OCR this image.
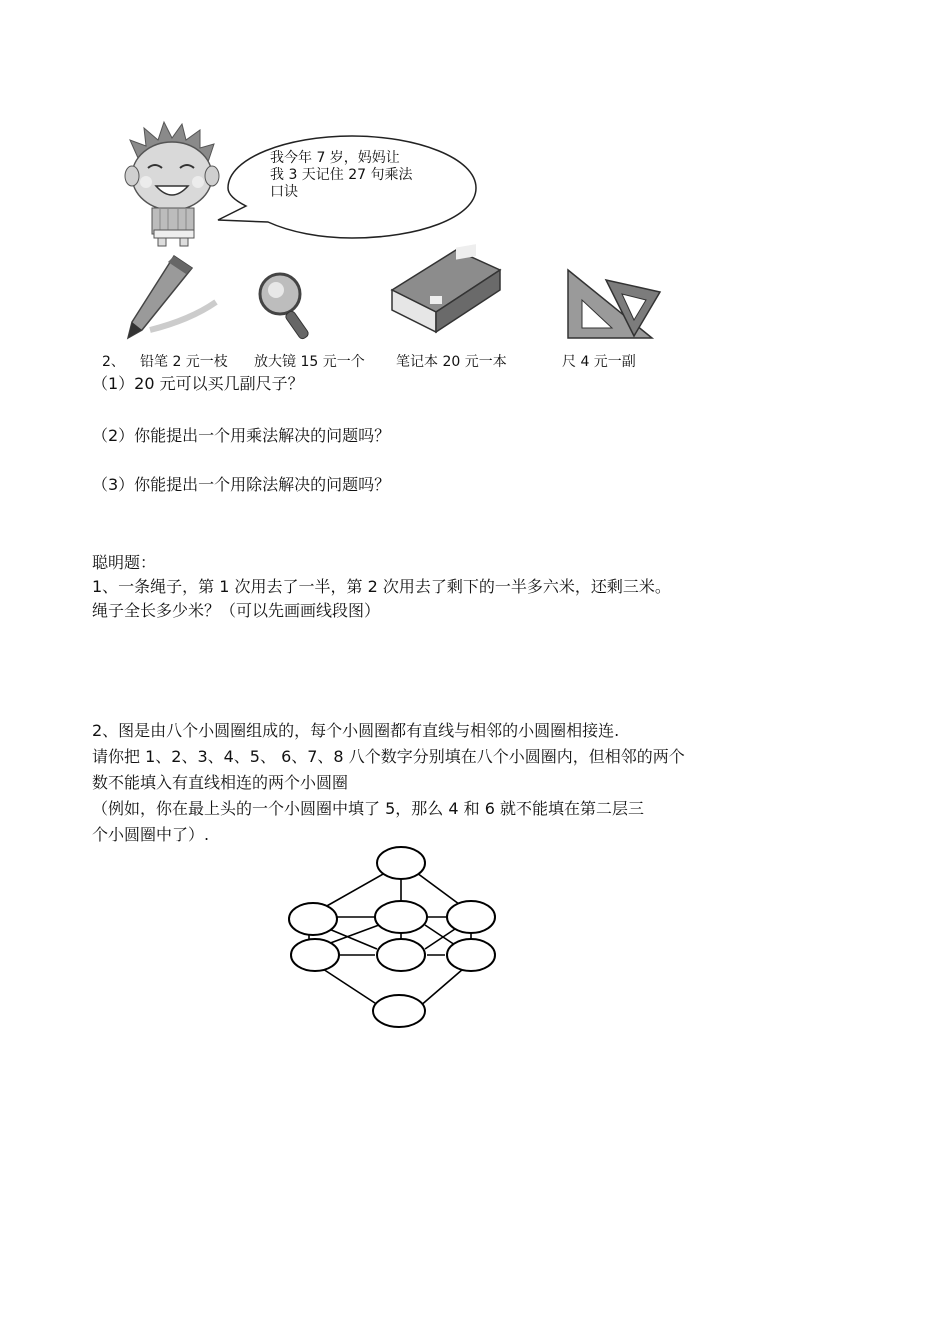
我今年 7 岁，妈妈让
我 3 天记住 27 句乘法
口诀
2、 铅笔 2 元一枝 放大镜 15 元一个 笔记本 20 元一本	尺 4 元一副
（1）20 元可以买几副尺子？
（2）你能提出一个用乘法解决的问题吗？
（3）你能提出一个用除法解决的问题吗？
聪明题：
1、一条绳子，第 1 次用去了一半，第 2 次用去了剩下的一半多六米，还剩三米。
绳子全长多少米？（可以先画画线段图）
2、图是由八个小圆圈组成的，每个小圆圈都有直线与相邻的小圆圈相接连.
请你把 1、2、3、4、5、 6、7、8 八个数字分别填在八个小圆圈内，但相邻的两个
数不能填入有直线相连的两个小圆圈
（例如，你在最上头的一个小圆圈中填了 5，那么 4 和 6 就不能填在第二层三
个小圆圈中了）.
